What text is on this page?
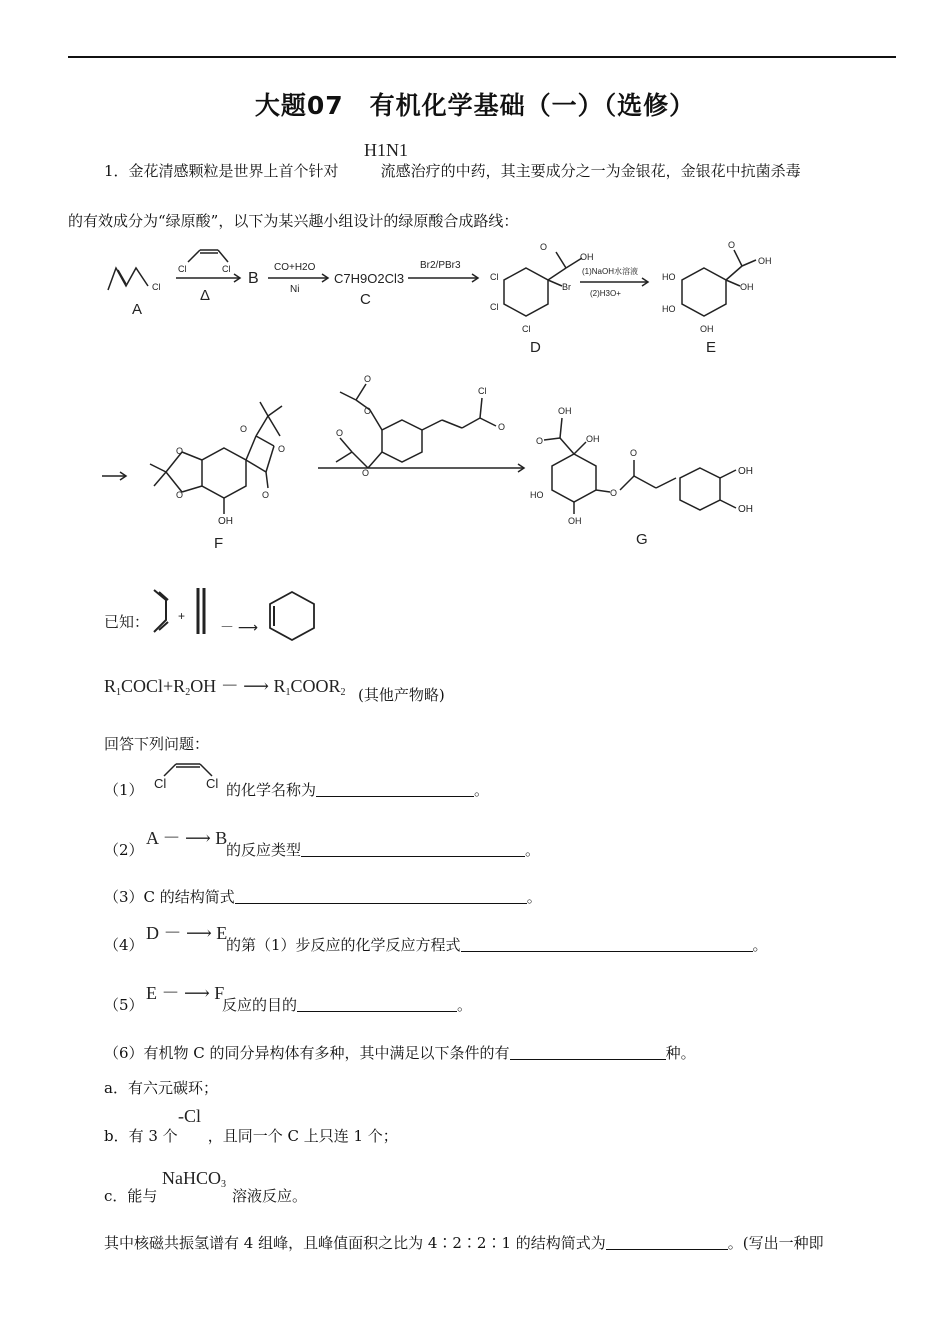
大题07　有机化学基础（一）（选修）
1．金花清感颗粒是世界上首个针对	流感治疗的中药，其主要成分之一为金银花，金银花中抗菌杀毒
H1N1
的有效成分为“绿原酸”，以下为某兴趣小组设计的绿原酸合成路线：
Cl
A
Cl	Cl
Δ
B
CO+H2O
Ni
C7H9O2Cl3
C
Br2/PBr3
O
OH
Br
Cl
Cl
Cl
D
(1)NaOH水溶液
(2)H3O+
O
OH
OH
HO
HO
OH
E
O
O
O
O
O
OH
F
O
O
O
O
Cl
O
O
OH
OH
HO
OH
O
O
OH
OH
G
已知： +
－ ⟶
$R_1COCl+R_2OH$ － ⟶ $R_1COOR_2$ (其他产物略)
回答下列问题：
（1） Cl	Cl 的化学名称为	。
（2）
A － ⟶ B
的反应类型	。
（3）C 的结构简式	。
（4）
D － ⟶ E
的第（1）步反应的化学反应方程式	。
（5）
E － ⟶ F
反应的目的	。
（6）有机物 C 的同分异构体有多种，其中满足以下条件的有	种。
a．有六元碳环；
b．有 3 个 ，且同一个 C 上只连 1 个；
-Cl
c．能与
NaHCO$_3$
溶液反应。
其中核磁共振氢谱有 4 组峰，且峰值面积之比为 4∶2∶2∶1 的结构简式为	。(写出一种即
